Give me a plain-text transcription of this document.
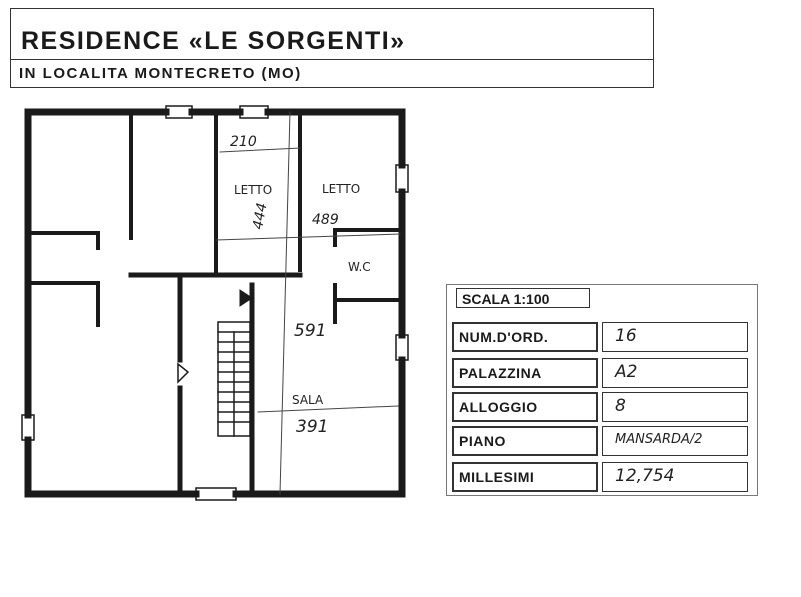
RESIDENCE «LE SORGENTI»
IN LOCALITA MONTECRETO (MO)
LETTO	LETTO
W.C
SALA
210
444	489
591
391
SCALA 1:100
NUM.D'ORD.	16
PALAZZINA	A2
ALLOGGIO	8
PIANO	MANSARDA/2
MILLESIMI	12,754
